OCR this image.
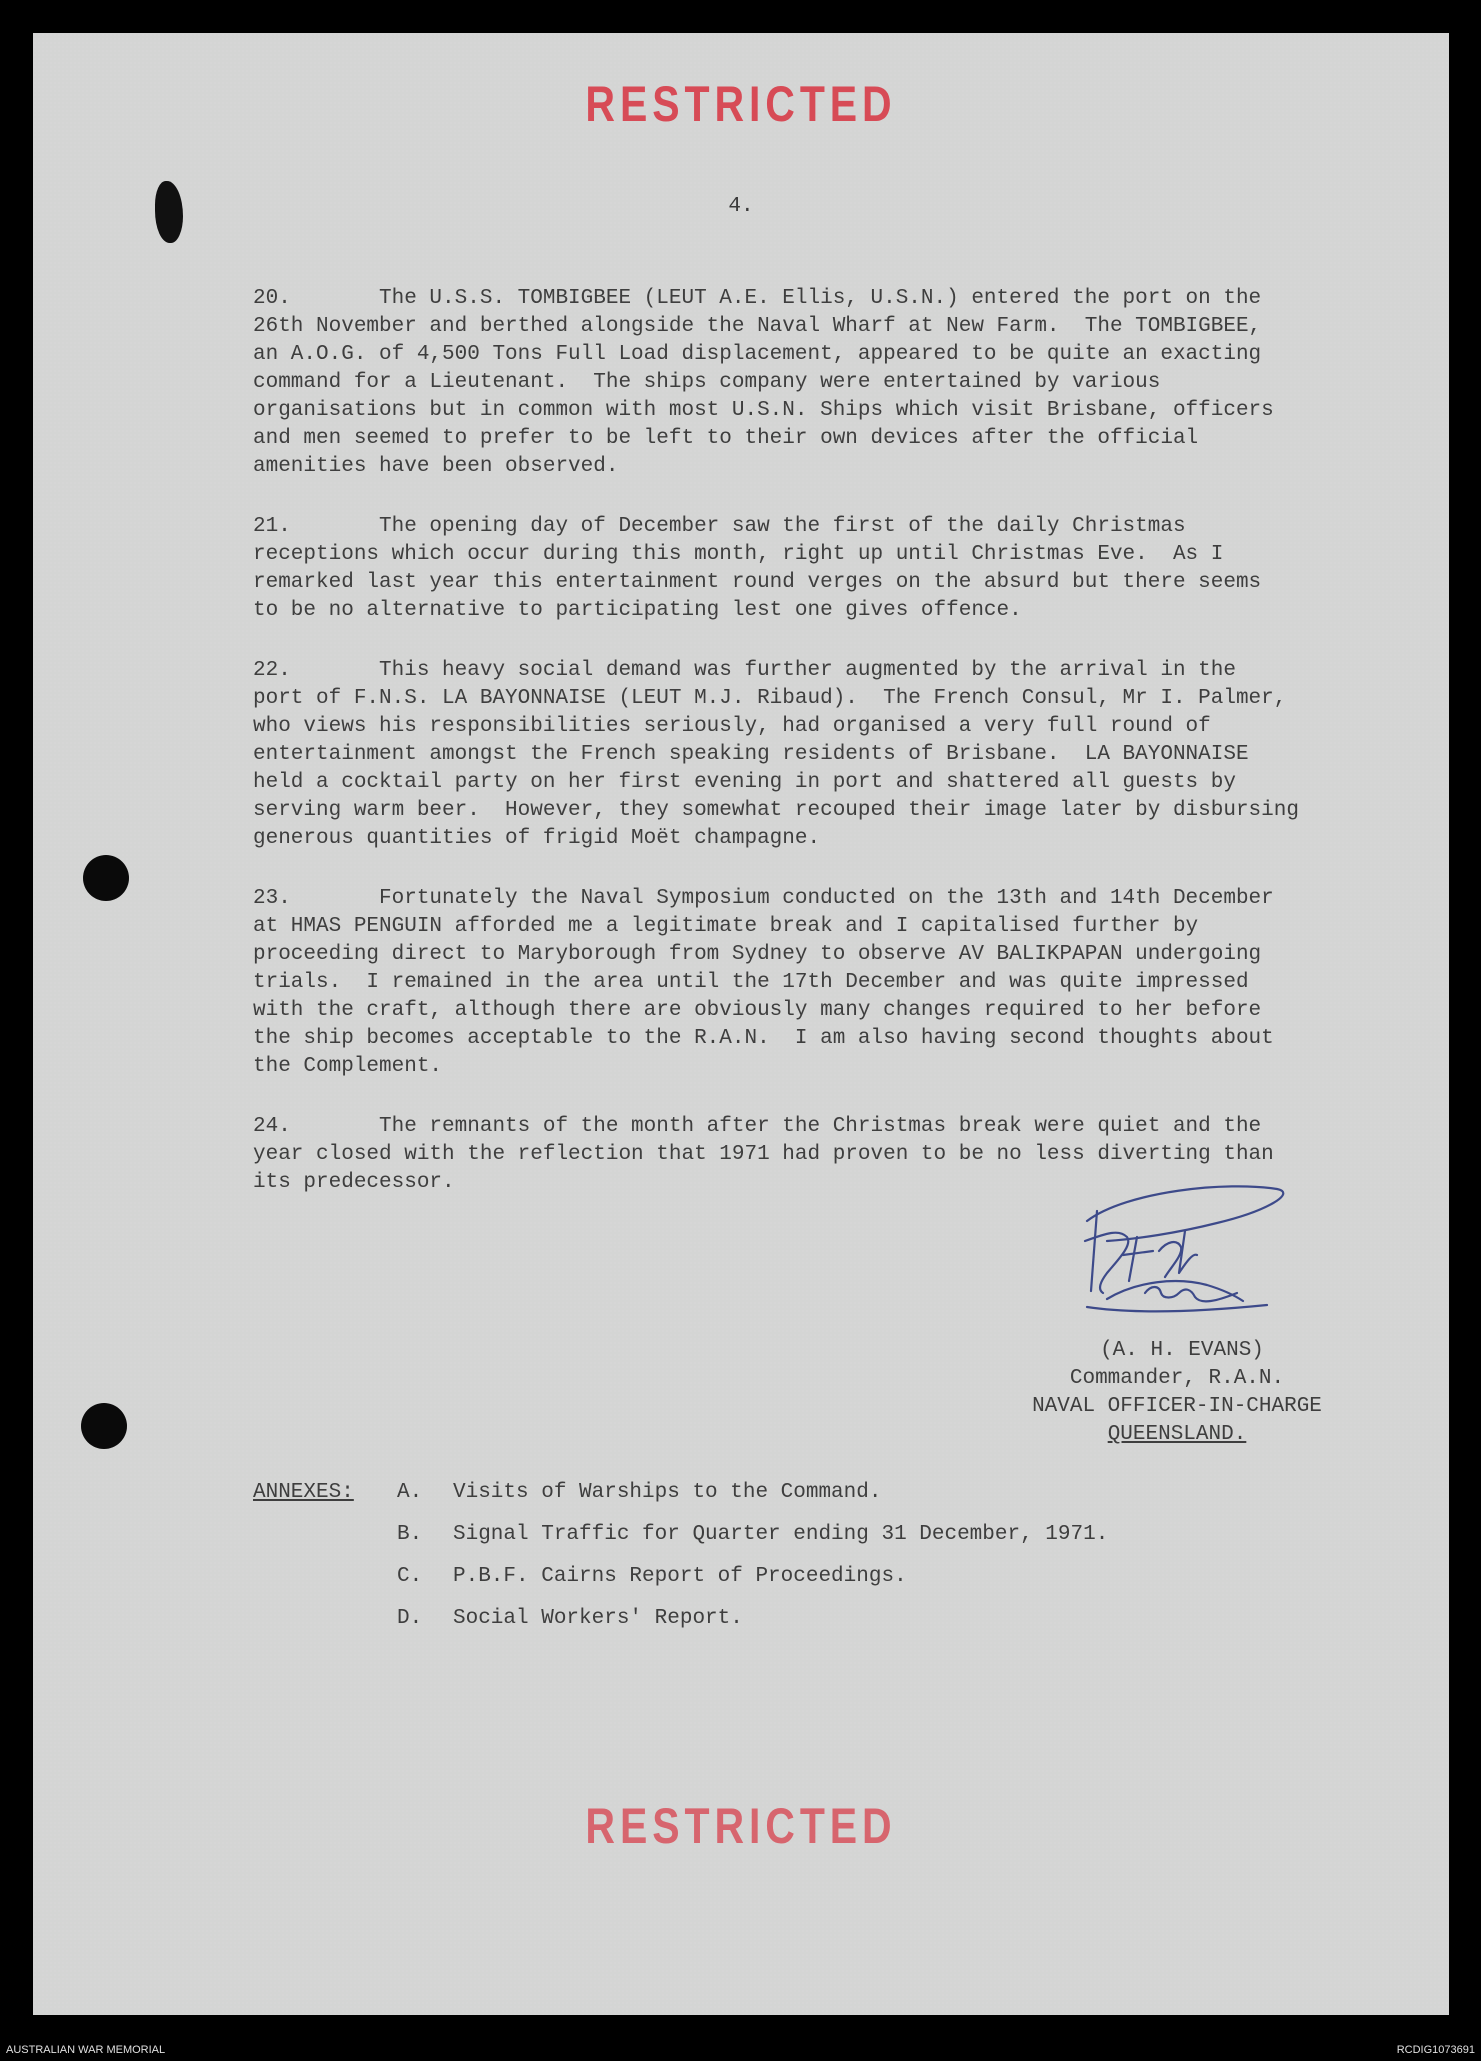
RESTRICTED
4.
20.       The U.S.S. TOMBIGBEE (LEUT A.E. Ellis, U.S.N.) entered the port on the
26th November and berthed alongside the Naval Wharf at New Farm.  The TOMBIGBEE,
an A.O.G. of 4,500 Tons Full Load displacement, appeared to be quite an exacting
command for a Lieutenant.  The ships company were entertained by various
organisations but in common with most U.S.N. Ships which visit Brisbane, officers
and men seemed to prefer to be left to their own devices after the official
amenities have been observed.
21.       The opening day of December saw the first of the daily Christmas
receptions which occur during this month, right up until Christmas Eve.  As I
remarked last year this entertainment round verges on the absurd but there seems
to be no alternative to participating lest one gives offence.
22.       This heavy social demand was further augmented by the arrival in the
port of F.N.S. LA BAYONNAISE (LEUT M.J. Ribaud).  The French Consul, Mr I. Palmer,
who views his responsibilities seriously, had organised a very full round of
entertainment amongst the French speaking residents of Brisbane.  LA BAYONNAISE
held a cocktail party on her first evening in port and shattered all guests by
serving warm beer.  However, they somewhat recouped their image later by disbursing
generous quantities of frigid Moët champagne.
23.       Fortunately the Naval Symposium conducted on the 13th and 14th December
at HMAS PENGUIN afforded me a legitimate break and I capitalised further by
proceeding direct to Maryborough from Sydney to observe AV BALIKPAPAN undergoing
trials.  I remained in the area until the 17th December and was quite impressed
with the craft, although there are obviously many changes required to her before
the ship becomes acceptable to the R.A.N.  I am also having second thoughts about
the Complement.
24.       The remnants of the month after the Christmas break were quiet and the
year closed with the reflection that 1971 had proven to be no less diverting than
its predecessor.
(A. H. EVANS)
Commander, R.A.N.
NAVAL OFFICER-IN-CHARGE
QUEENSLAND.
ANNEXES: A. Visits of Warships to the Command.
B. Signal Traffic for Quarter ending 31 December, 1971.
C. P.B.F. Cairns Report of Proceedings.
D. Social Workers' Report.
RESTRICTED
AUSTRALIAN WAR MEMORIAL	RCDIG1073691
